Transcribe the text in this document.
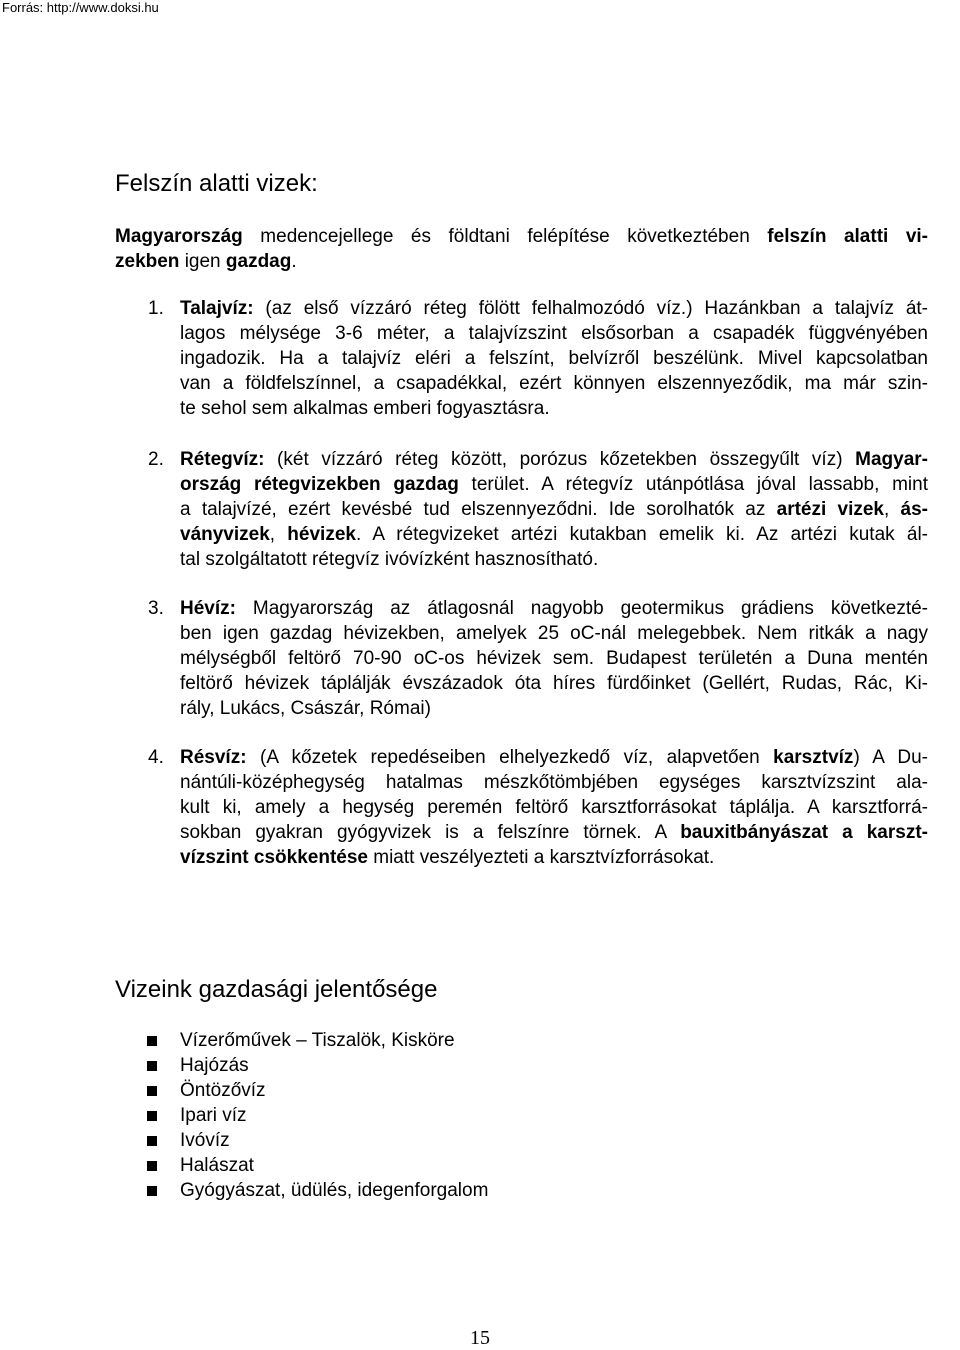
Forrás: http://www.doksi.hu
Felszín alatti vizek:

Magyarország medencejellege és földtani felépítése következtében felszín alatti vi-
zekben igen gazdag.

1. Talajvíz: (az első vízzáró réteg fölött felhalmozódó víz.) Hazánkban a talajvíz át-
lagos mélysége 3-6 méter, a talajvízszint elsősorban a csapadék függvényében
ingadozik. Ha a talajvíz eléri a felszínt, belvízről beszélünk. Mivel kapcsolatban
van a földfelszínnel, a csapadékkal, ezért könnyen elszennyeződik, ma már szin-
te sehol sem alkalmas emberi fogyasztásra.
2. Rétegvíz: (két vízzáró réteg között, porózus kőzetekben összegyűlt víz) Magyar-
ország rétegvizekben gazdag terület. A rétegvíz utánpótlása jóval lassabb, mint
a talajvízé, ezért kevésbé tud elszennyeződni. Ide sorolhatók az artézi vizek, ás-
ványvizek, hévizek. A rétegvizeket artézi kutakban emelik ki. Az artézi kutak ál-
tal szolgáltatott rétegvíz ivóvízként hasznosítható.
3. Hévíz: Magyarország az átlagosnál nagyobb geotermikus grádiens következté-
ben igen gazdag hévizekben, amelyek 25 oC-nál melegebbek. Nem ritkák a nagy
mélységből feltörő 70-90 oC-os hévizek sem. Budapest területén a Duna mentén
feltörő hévizek táplálják évszázadok óta híres fürdőinket (Gellért, Rudas, Rác, Ki-
rály, Lukács, Császár, Római)
4. Résvíz: (A kőzetek repedéseiben elhelyezkedő víz, alapvetően karsztvíz) A Du-
nántúli-középhegység hatalmas mészkőtömbjében egységes karsztvízszint ala-
kult ki, amely a hegység peremén feltörő karsztforrásokat táplálja. A karsztforrá-
sokban gyakran gyógyvizek is a felszínre törnek. A bauxitbányászat a karszt-
vízszint csökkentése miatt veszélyezteti a karsztvízforrásokat.
Vizeink gazdasági jelentősége
Vízerőművek – Tiszalök, Kisköre
Hajózás
Öntözővíz
Ipari víz
Ivóvíz
Halászat
Gyógyászat, üdülés, idegenforgalom
15
